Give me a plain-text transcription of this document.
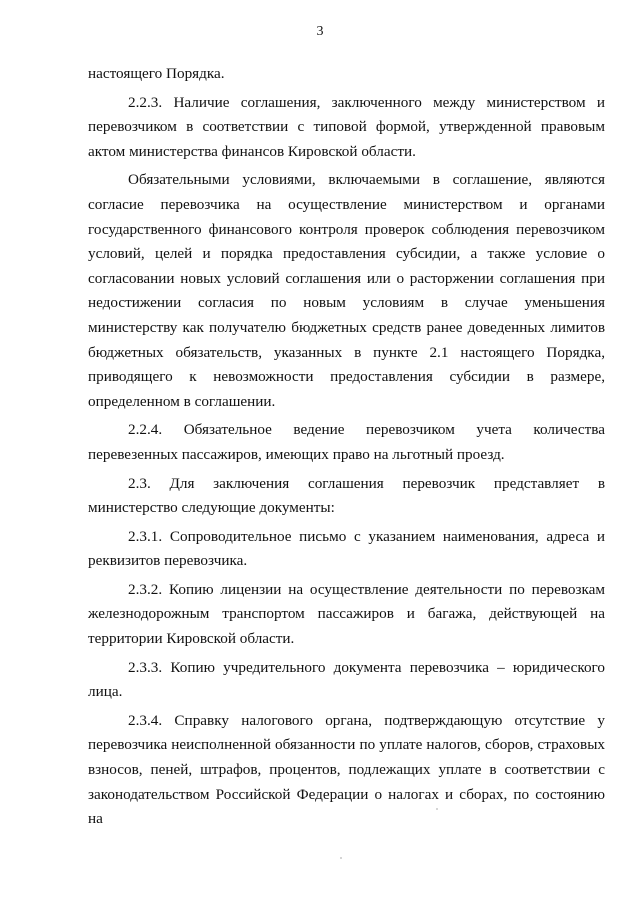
3

настоящего Порядка.

2.2.3. Наличие соглашения, заключенного между министерством и перевозчиком в соответствии с типовой формой, утвержденной правовым актом министерства финансов Кировской области.

Обязательными условиями, включаемыми в соглашение, являются согласие перевозчика на осуществление министерством и органами государственного финансового контроля проверок соблюдения перевозчиком условий, целей и порядка предоставления субсидии, а также условие о согласовании новых условий соглашения или о расторжении соглашения при недостижении согласия по новым условиям в случае уменьшения министерству как получателю бюджетных средств ранее доведенных лимитов бюджетных обязательств, указанных в пункте 2.1 настоящего Порядка, приводящего к невозможности предоставления субсидии в размере, определенном в соглашении.

2.2.4. Обязательное ведение перевозчиком учета количества перевезенных пассажиров, имеющих право на льготный проезд.

2.3. Для заключения соглашения перевозчик представляет в министерство следующие документы:

2.3.1. Сопроводительное письмо с указанием наименования, адреса и реквизитов перевозчика.

2.3.2. Копию лицензии на осуществление деятельности по перевозкам железнодорожным транспортом пассажиров и багажа, действующей на территории Кировской области.

2.3.3. Копию учредительного документа перевозчика – юридического лица.

2.3.4. Справку налогового органа, подтверждающую отсутствие у перевозчика неисполненной обязанности по уплате налогов, сборов, страховых взносов, пеней, штрафов, процентов, подлежащих уплате в соответствии с законодательством Российской Федерации о налогах и сборах, по состоянию на
